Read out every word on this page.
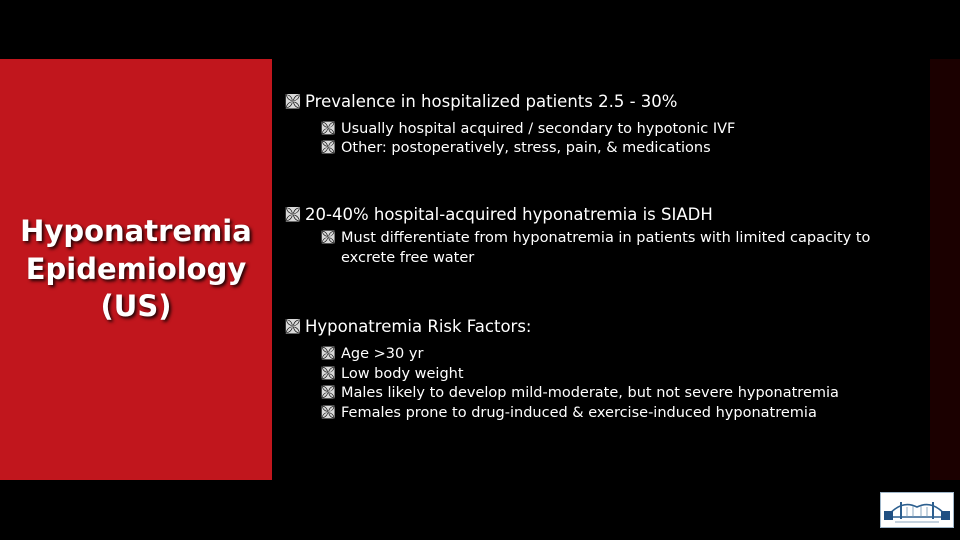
Hyponatremia
Epidemiology
(US)

🙫 Prevalence in hospitalized patients 2.5 - 30%

🙫 Usually hospital acquired / secondary to hypotonic IVF

🙫 Other: postoperatively, stress, pain, & medications

🙫 20-40% hospital-acquired hyponatremia is SIADH

🙫 Must differentiate from hyponatremia in patients with limited capacity to excrete free water

🙫 Hyponatremia Risk Factors:

🙫 Age >30 yr

🙫 Low body weight

🙫 Males likely to develop mild-moderate, but not severe hyponatremia

🙫 Females prone to drug-induced & exercise-induced hyponatremia
